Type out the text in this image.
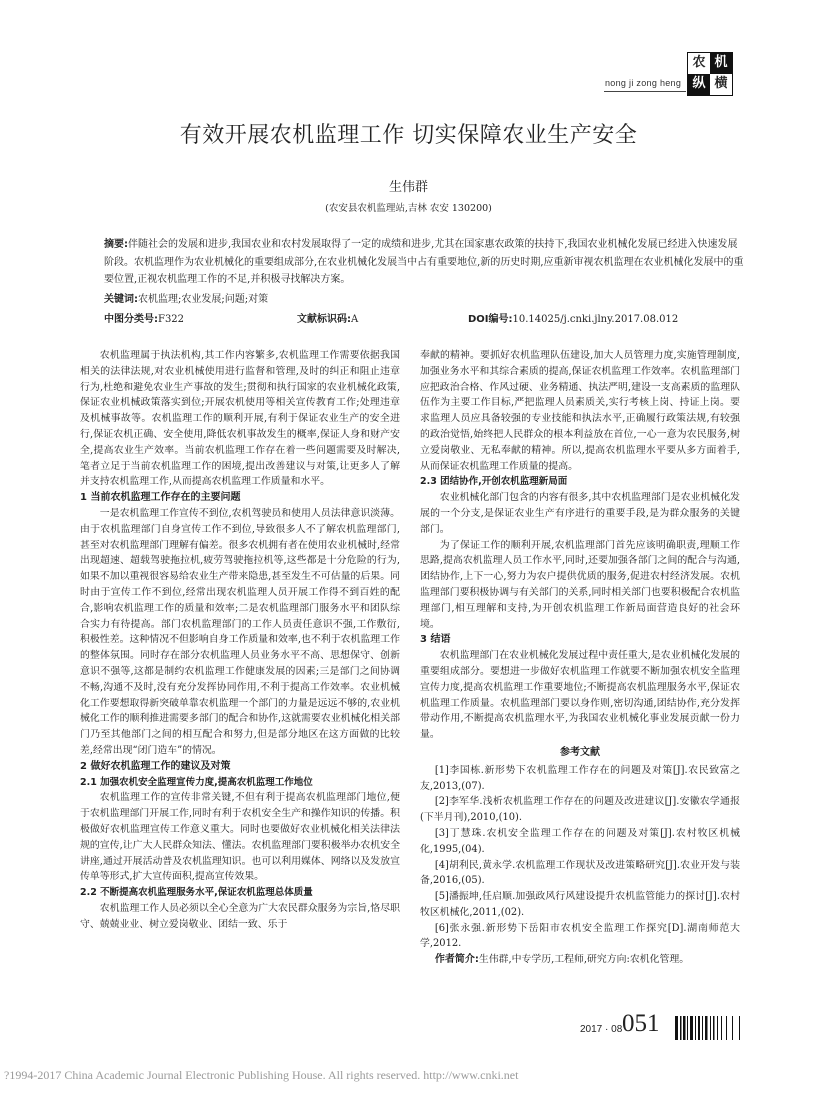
nong ji zong heng
农 机
纵 横
有效开展农机监理工作 切实保障农业生产安全
生伟群
(农安县农机监理站,吉林 农安 130200)
摘要:伴随社会的发展和进步,我国农业和农村发展取得了一定的成绩和进步,尤其在国家惠农政策的扶持下,我国农业机械化发展已经进入快速发展阶段。农机监理作为农业机械化的重要组成部分,在农业机械化发展当中占有重要地位,新的历史时期,应重新审视农机监理在农业机械化发展中的重要位置,正视农机监理工作的不足,并积极寻找解决方案。
关键词:农机监理;农业发展;问题;对策
中图分类号:F322	文献标识码:A	DOI编号:10.14025/j.cnki.jlny.2017.08.012

农机监理属于执法机构,其工作内容繁多,农机监理工作需要依据我国相关的法律法规,对农业机械使用进行监督和管理,及时的纠正和阻止违章行为,杜绝和避免农业生产事故的发生;贯彻和执行国家的农业机械化政策,保证农业机械政策落实到位;开展农机使用等相关宣传教育工作;处理违章及机械事故等。农机监理工作的顺利开展,有利于保证农业生产的安全进行,保证农机正确、安全使用,降低农机事故发生的概率,保证人身和财产安全,提高农业生产效率。当前农机监理工作存在着一些问题需要及时解决,笔者立足于当前农机监理工作的困境,提出改善建议与对策,让更多人了解并支持农机监理工作,从而提高农机监理工作质量和水平。

1 当前农机监理工作存在的主要问题

一是农机监理工作宣传不到位,农机驾驶员和使用人员法律意识淡薄。由于农机监理部门自身宣传工作不到位,导致很多人不了解农机监理部门,甚至对农机监理部门理解有偏差。很多农机拥有者在使用农业机械时,经常出现超速、超载驾驶拖拉机,疲劳驾驶拖拉机等,这些都是十分危险的行为,如果不加以重视很容易给农业生产带来隐患,甚至发生不可估量的后果。同时由于宣传工作不到位,经常出现农机监理人员开展工作得不到百姓的配合,影响农机监理工作的质量和效率;二是农机监理部门服务水平和团队综合实力有待提高。部门农机监理部门的工作人员责任意识不强,工作敷衍,积极性差。这种情况不但影响自身工作质量和效率,也不利于农机监理工作的整体氛围。同时存在部分农机监理人员业务水平不高、思想保守、创新意识不强等,这都是制约农机监理工作健康发展的因素;三是部门之间协调不畅,沟通不及时,没有充分发挥协同作用,不利于提高工作效率。农业机械化工作要想取得新突破单靠农机监理一个部门的力量是远远不够的,农业机械化工作的顺利推进需要多部门的配合和协作,这就需要农业机械化相关部门乃至其他部门之间的相互配合和努力,但是部分地区在这方面做的比较差,经常出现“闭门造车”的情况。

2 做好农机监理工作的建议及对策
2.1 加强农机安全监理宣传力度,提高农机监理工作地位

农机监理工作的宣传非常关键,不但有利于提高农机监理部门地位,便于农机监理部门开展工作,同时有利于农机安全生产和操作知识的传播。积极做好农机监理宣传工作意义重大。同时也要做好农业机械化相关法律法规的宣传,让广大人民群众知法、懂法。农机监理部门要积极举办农机安全讲座,通过开展活动普及农机监理知识。也可以利用媒体、网络以及发放宣传单等形式,扩大宣传面积,提高宣传效果。

2.2 不断提高农机监理服务水平,保证农机监理总体质量

农机监理工作人员必须以全心全意为广大农民群众服务为宗旨,恪尽职守、兢兢业业、树立爱岗敬业、团结一致、乐于

奉献的精神。要抓好农机监理队伍建设,加大人员管理力度,实施管理制度,加强业务水平和其综合素质的提高,保证农机监理工作效率。农机监理部门应把政治合格、作风过硬、业务精通、执法严明,建设一支高素质的监理队伍作为主要工作目标,严把监理人员素质关,实行考核上岗、持证上岗。要求监理人员应具备较强的专业技能和执法水平,正确履行政策法规,有较强的政治觉悟,始终把人民群众的根本利益放在首位,一心一意为农民服务,树立爱岗敬业、无私奉献的精神。所以,提高农机监理水平要从多方面着手,从而保证农机监理工作质量的提高。

2.3 团结协作,开创农机监理新局面

农业机械化部门包含的内容有很多,其中农机监理部门是农业机械化发展的一个分支,是保证农业生产有序进行的重要手段,是为群众服务的关键部门。

为了保证工作的顺利开展,农机监理部门首先应该明确职责,理顺工作思路,提高农机监理人员工作水平,同时,还要加强各部门之间的配合与沟通,团结协作,上下一心,努力为农户提供优质的服务,促进农村经济发展。农机监理部门要积极协调与有关部门的关系,同时相关部门也要积极配合农机监理部门,相互理解和支持,为开创农机监理工作新局面营造良好的社会环境。

3 结语

农机监理部门在农业机械化发展过程中责任重大,是农业机械化发展的重要组成部分。要想进一步做好农机监理工作就要不断加强农机安全监理宣传力度,提高农机监理工作重要地位;不断提高农机监理服务水平,保证农机监理工作质量。农机监理部门要以身作则,密切沟通,团结协作,充分发挥带动作用,不断提高农机监理水平,为我国农业机械化事业发展贡献一份力量。

参考文献

[1]李国栋.新形势下农机监理工作存在的问题及对策[J].农民致富之友,2013,(07).

[2]李军华.浅析农机监理工作存在的问题及改进建议[J].安徽农学通报(下半月刊),2010,(10).

[3]丁慧珠.农机安全监理工作存在的问题及对策[J].农村牧区机械化,1995,(04).

[4]胡利民,黄永学.农机监理工作现状及改进策略研究[J].农业开发与装备,2016,(05).

[5]潘振坤,任启顺.加强政风行风建设提升农机监管能力的探讨[J].农村牧区机械化,2011,(02).

[6]张永强.新形势下岳阳市农机安全监理工作探究[D].湖南师范大学,2012.

作者简介:生伟群,中专学历,工程师,研究方向:农机化管理。

2017 · 08 051
?1994-2017 China Academic Journal Electronic Publishing House. All rights reserved. http://www.cnki.net
